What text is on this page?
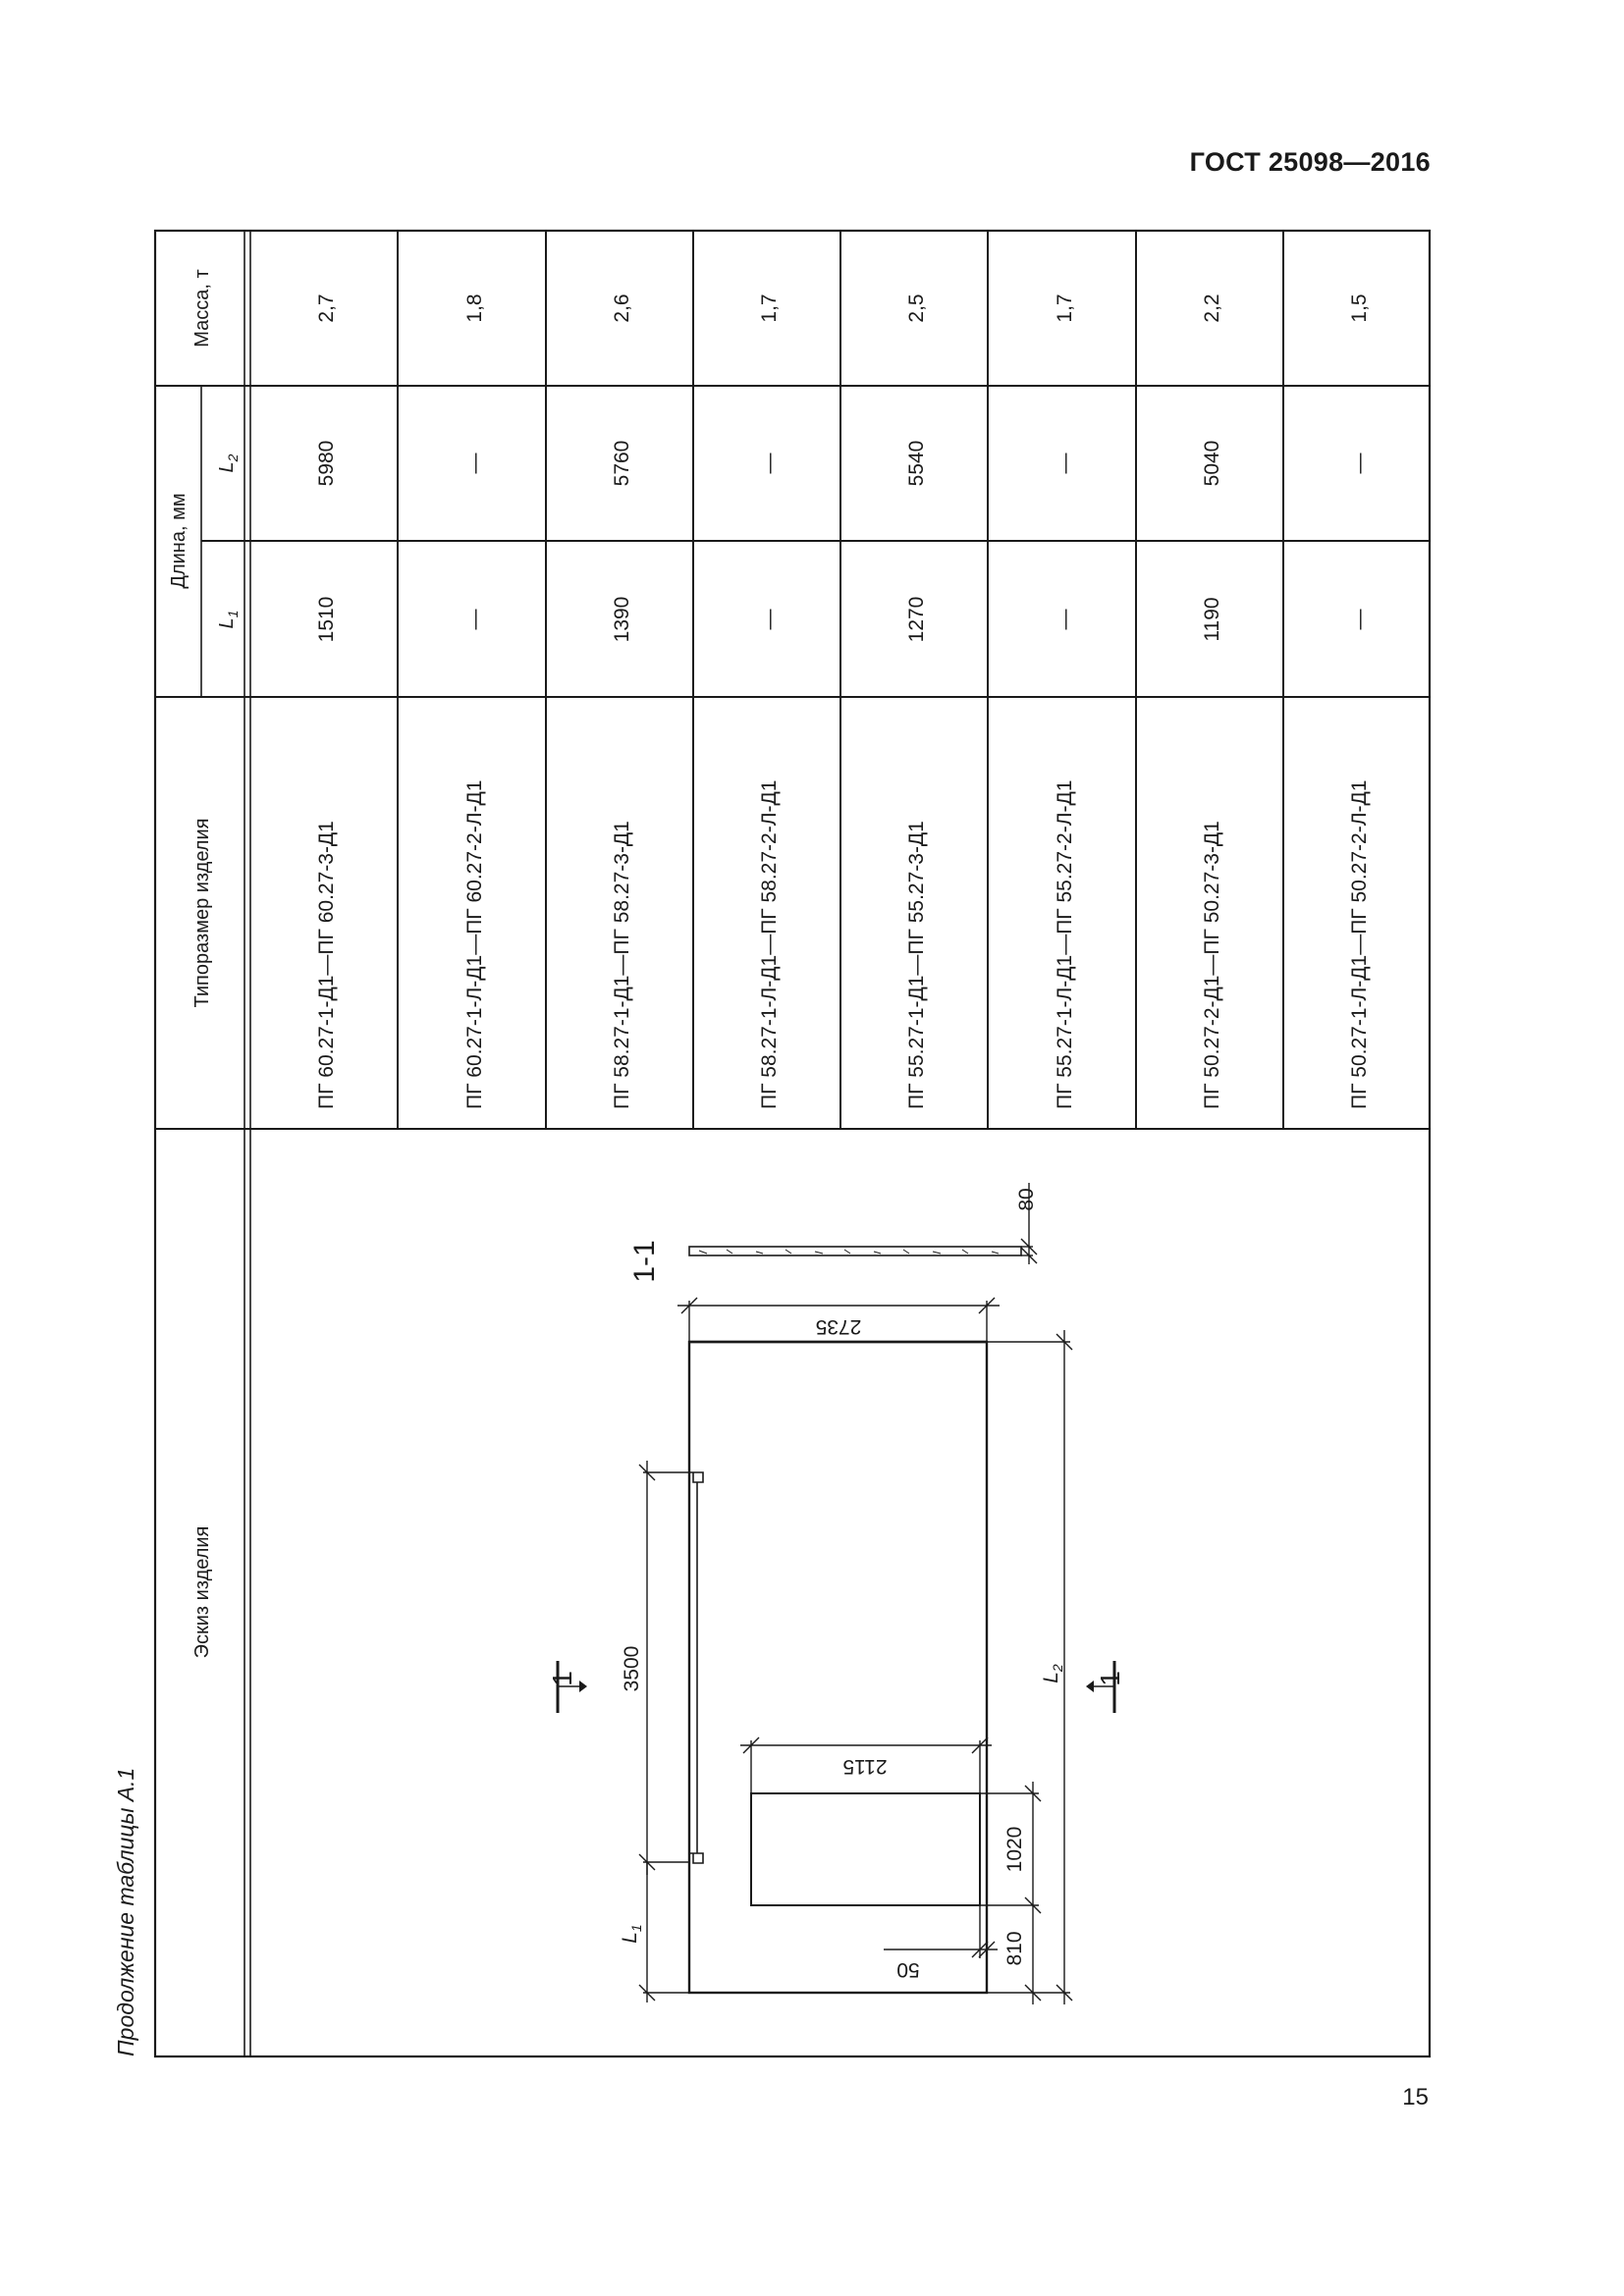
ГОСТ 25098—2016
15
Продолжение таблицы А.1
Масса, т
Длина, мм
$L_2$
$L_1$
Типоразмер изделия
Эскиз изделия
2,7
5980
1510
ПГ 60.27-1-Д1—ПГ 60.27-3-Д1
1,8
—
—
ПГ 60.27-1-Л-Д1—ПГ 60.27-2-Л-Д1
2,6
5760
1390
ПГ 58.27-1-Д1—ПГ 58.27-3-Д1
1,7
—
—
ПГ 58.27-1-Л-Д1—ПГ 58.27-2-Л-Д1
2,5
5540
1270
ПГ 55.27-1-Д1—ПГ 55.27-3-Д1
1,7
—
—
ПГ 55.27-1-Л-Д1—ПГ 55.27-2-Л-Д1
2,2
5040
1190
ПГ 50.27-2-Д1—ПГ 50.27-3-Д1
1,5
—
—
ПГ 50.27-1-Л-Д1—ПГ 50.27-2-Л-Д1
1-1
80
2735
3500
2115
1020
810
50
$L_1$
$L_2$
1	1
